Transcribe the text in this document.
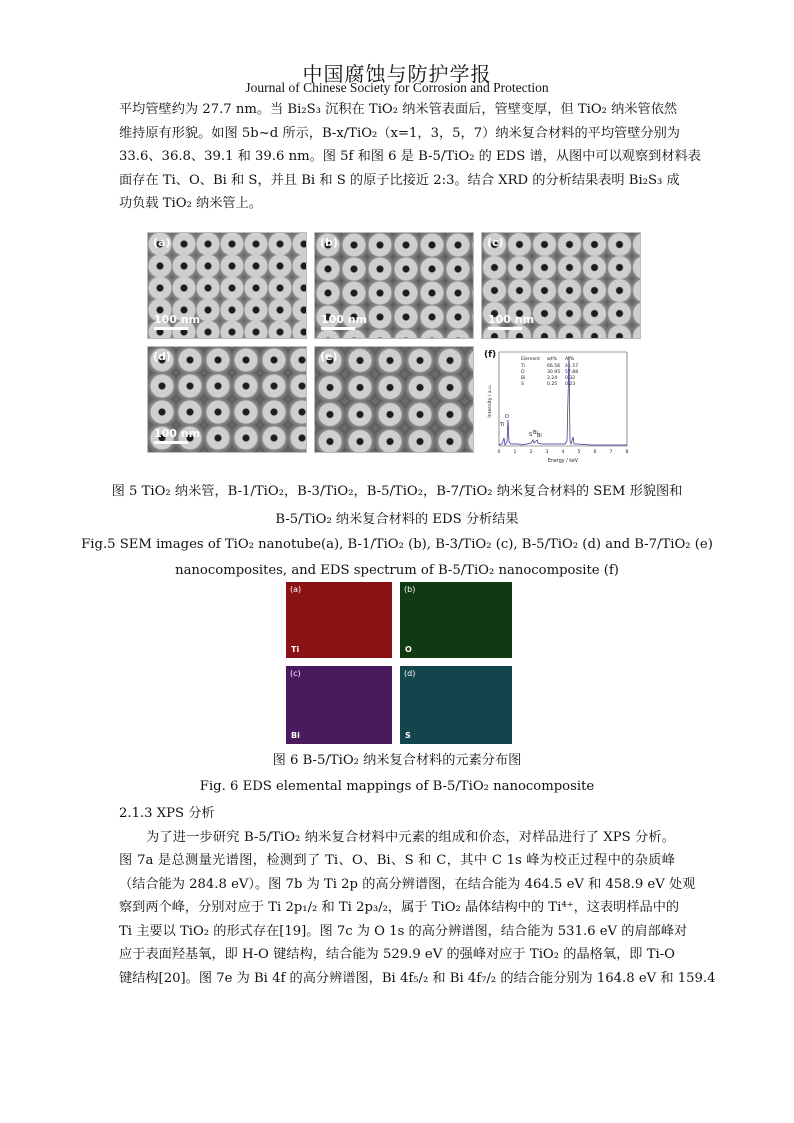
中国腐蚀与防护学报
Journal of Chinese Society for Corrosion and Protection

平均管壁约为 27.7 nm。当 Bi₂S₃ 沉积在 TiO₂ 纳米管表面后，管壁变厚，但 TiO₂ 纳米管依然

维持原有形貌。如图 5b~d 所示，B-x/TiO₂（x=1，3，5，7）纳米复合材料的平均管壁分别为

33.6、36.8、39.1 和 39.6 nm。图 5f 和图 6 是 B-5/TiO₂ 的 EDS 谱，从图中可以观察到材料表

面存在 Ti、O、Bi 和 S，并且 Bi 和 S 的原子比接近 2:3。结合 XRD 的分析结果表明 Bi₂S₃ 成

功负载 TiO₂ 纳米管上。

(a)
100 nm
(b)
100 nm
(c)
100 nm
(d)
100 nm
(e)	(f)	Element wt% At%
Ti	66.56 41.57
O	30.95 57.88
Bi	2.24 0.32
S	0.25 0.23
O
Ti
S Bi Bi
0	1	2	3	4	5	6	7	8
Energy / keV
Intensity / a.u.
图 5 TiO₂ 纳米管，B-1/TiO₂，B-3/TiO₂，B-5/TiO₂，B-7/TiO₂ 纳米复合材料的 SEM 形貌图和
B-5/TiO₂ 纳米复合材料的 EDS 分析结果
Fig.5 SEM images of TiO₂ nanotube(a), B-1/TiO₂ (b), B-3/TiO₂ (c), B-5/TiO₂ (d) and B-7/TiO₂ (e)
nanocomposites, and EDS spectrum of B-5/TiO₂ nanocomposite (f)
(a)
Ti
(b)
O
(c)
Bi
(d)
S
图 6 B-5/TiO₂ 纳米复合材料的元素分布图
Fig. 6 EDS elemental mappings of B-5/TiO₂ nanocomposite

2.1.3 XPS 分析

为了进一步研究 B-5/TiO₂ 纳米复合材料中元素的组成和价态，对样品进行了 XPS 分析。

图 7a 是总测量光谱图，检测到了 Ti、O、Bi、S 和 C，其中 C 1s 峰为校正过程中的杂质峰

（结合能为 284.8 eV）。图 7b 为 Ti 2p 的高分辨谱图，在结合能为 464.5 eV 和 458.9 eV 处观

察到两个峰，分别对应于 Ti 2p₁/₂ 和 Ti 2p₃/₂，属于 TiO₂ 晶体结构中的 Ti⁴⁺，这表明样品中的

Ti 主要以 TiO₂ 的形式存在[19]。图 7c 为 O 1s 的高分辨谱图，结合能为 531.6 eV 的肩部峰对

应于表面羟基氧，即 H-O 键结构，结合能为 529.9 eV 的强峰对应于 TiO₂ 的晶格氧，即 Ti-O

键结构[20]。图 7e 为 Bi 4f 的高分辨谱图，Bi 4f₅/₂ 和 Bi 4f₇/₂ 的结合能分别为 164.8 eV 和 159.4
